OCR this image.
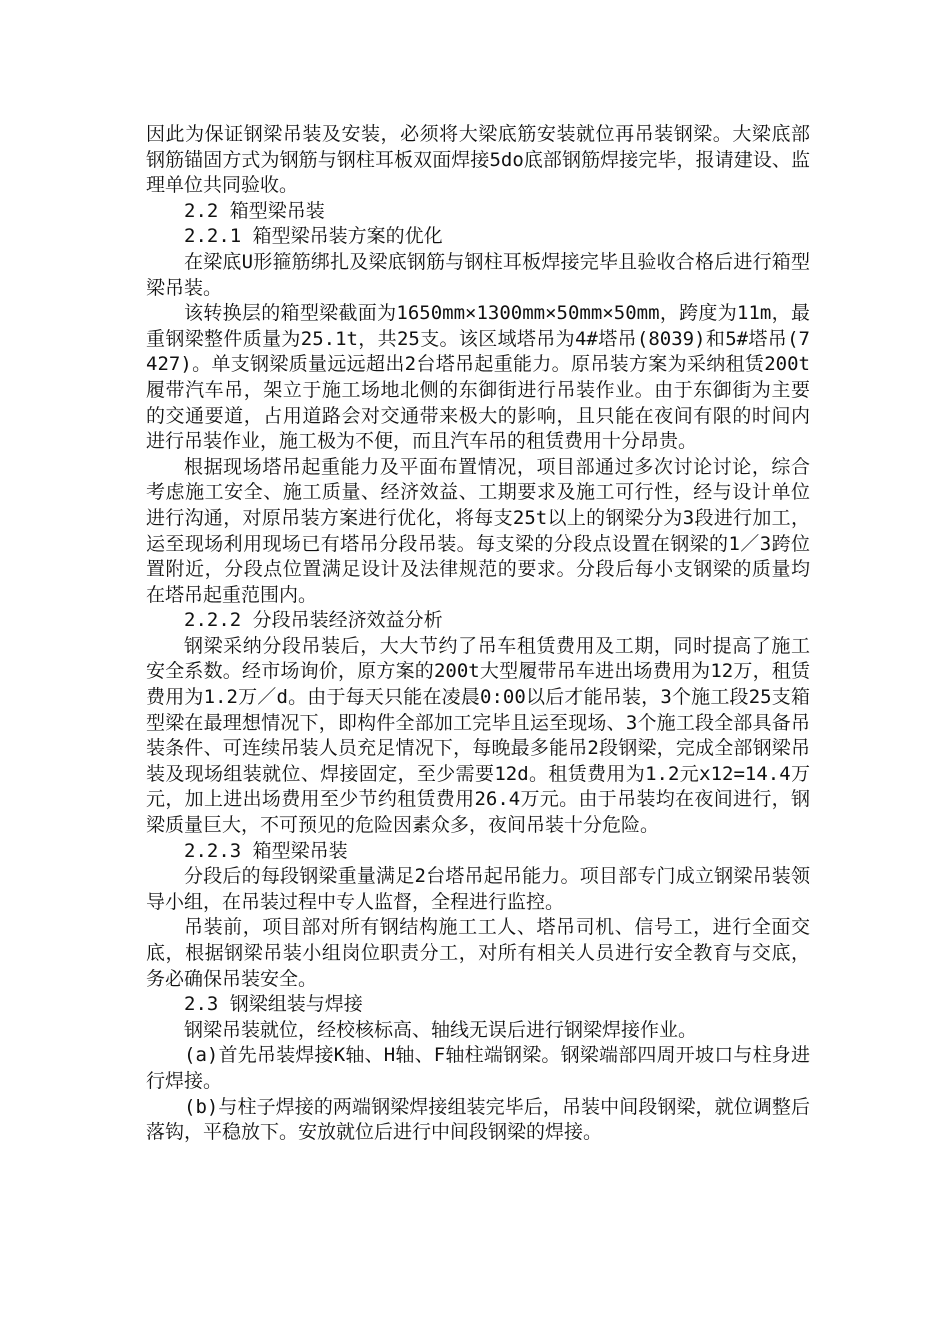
因此为保证钢梁吊装及安装，必须将大梁底筋安装就位再吊装钢梁。大梁底部钢筋锚固方式为钢筋与钢柱耳板双面焊接5do底部钢筋焊接完毕，报请建设、监理单位共同验收。

2.2 箱型梁吊装

2.2.1 箱型梁吊装方案的优化

在梁底U形箍筋绑扎及梁底钢筋与钢柱耳板焊接完毕且验收合格后进行箱型梁吊装。

该转换层的箱型梁截面为1650mm×1300mm×50mm×50mm，跨度为11m，最重钢梁整件质量为25.1t，共25支。该区域塔吊为4#塔吊(8039)和5#塔吊(7427)。单支钢梁质量远远超出2台塔吊起重能力。原吊装方案为采纳租赁200t履带汽车吊，架立于施工场地北侧的东御街进行吊装作业。由于东御街为主要的交通要道，占用道路会对交通带来极大的影响，且只能在夜间有限的时间内进行吊装作业，施工极为不便，而且汽车吊的租赁费用十分昂贵。

根据现场塔吊起重能力及平面布置情况，项目部通过多次讨论讨论，综合考虑施工安全、施工质量、经济效益、工期要求及施工可行性，经与设计单位进行沟通，对原吊装方案进行优化，将每支25t以上的钢梁分为3段进行加工，运至现场利用现场已有塔吊分段吊装。每支梁的分段点设置在钢梁的1／3跨位置附近，分段点位置满足设计及法律规范的要求。分段后每小支钢梁的质量均在塔吊起重范围内。

2.2.2 分段吊装经济效益分析

钢梁采纳分段吊装后，大大节约了吊车租赁费用及工期，同时提高了施工安全系数。经市场询价，原方案的200t大型履带吊车进出场费用为12万，租赁费用为1.2万／d。由于每天只能在凌晨0:00以后才能吊装，3个施工段25支箱型梁在最理想情况下，即构件全部加工完毕且运至现场、3个施工段全部具备吊装条件、可连续吊装人员充足情况下，每晚最多能吊2段钢梁，完成全部钢梁吊装及现场组装就位、焊接固定，至少需要12d。租赁费用为1.2元x12=14.4万元，加上进出场费用至少节约租赁费用26.4万元。由于吊装均在夜间进行，钢梁质量巨大，不可预见的危险因素众多，夜间吊装十分危险。

2.2.3 箱型梁吊装

分段后的每段钢梁重量满足2台塔吊起吊能力。项目部专门成立钢梁吊装领导小组，在吊装过程中专人监督，全程进行监控。

吊装前，项目部对所有钢结构施工工人、塔吊司机、信号工，进行全面交底，根据钢梁吊装小组岗位职责分工，对所有相关人员进行安全教育与交底，务必确保吊装安全。

2.3 钢梁组装与焊接

钢梁吊装就位，经校核标高、轴线无误后进行钢梁焊接作业。

(a)首先吊装焊接K轴、H轴、F轴柱端钢梁。钢梁端部四周开坡口与柱身进行焊接。

(b)与柱子焊接的两端钢梁焊接组装完毕后，吊装中间段钢梁，就位调整后落钩，平稳放下。安放就位后进行中间段钢梁的焊接。
